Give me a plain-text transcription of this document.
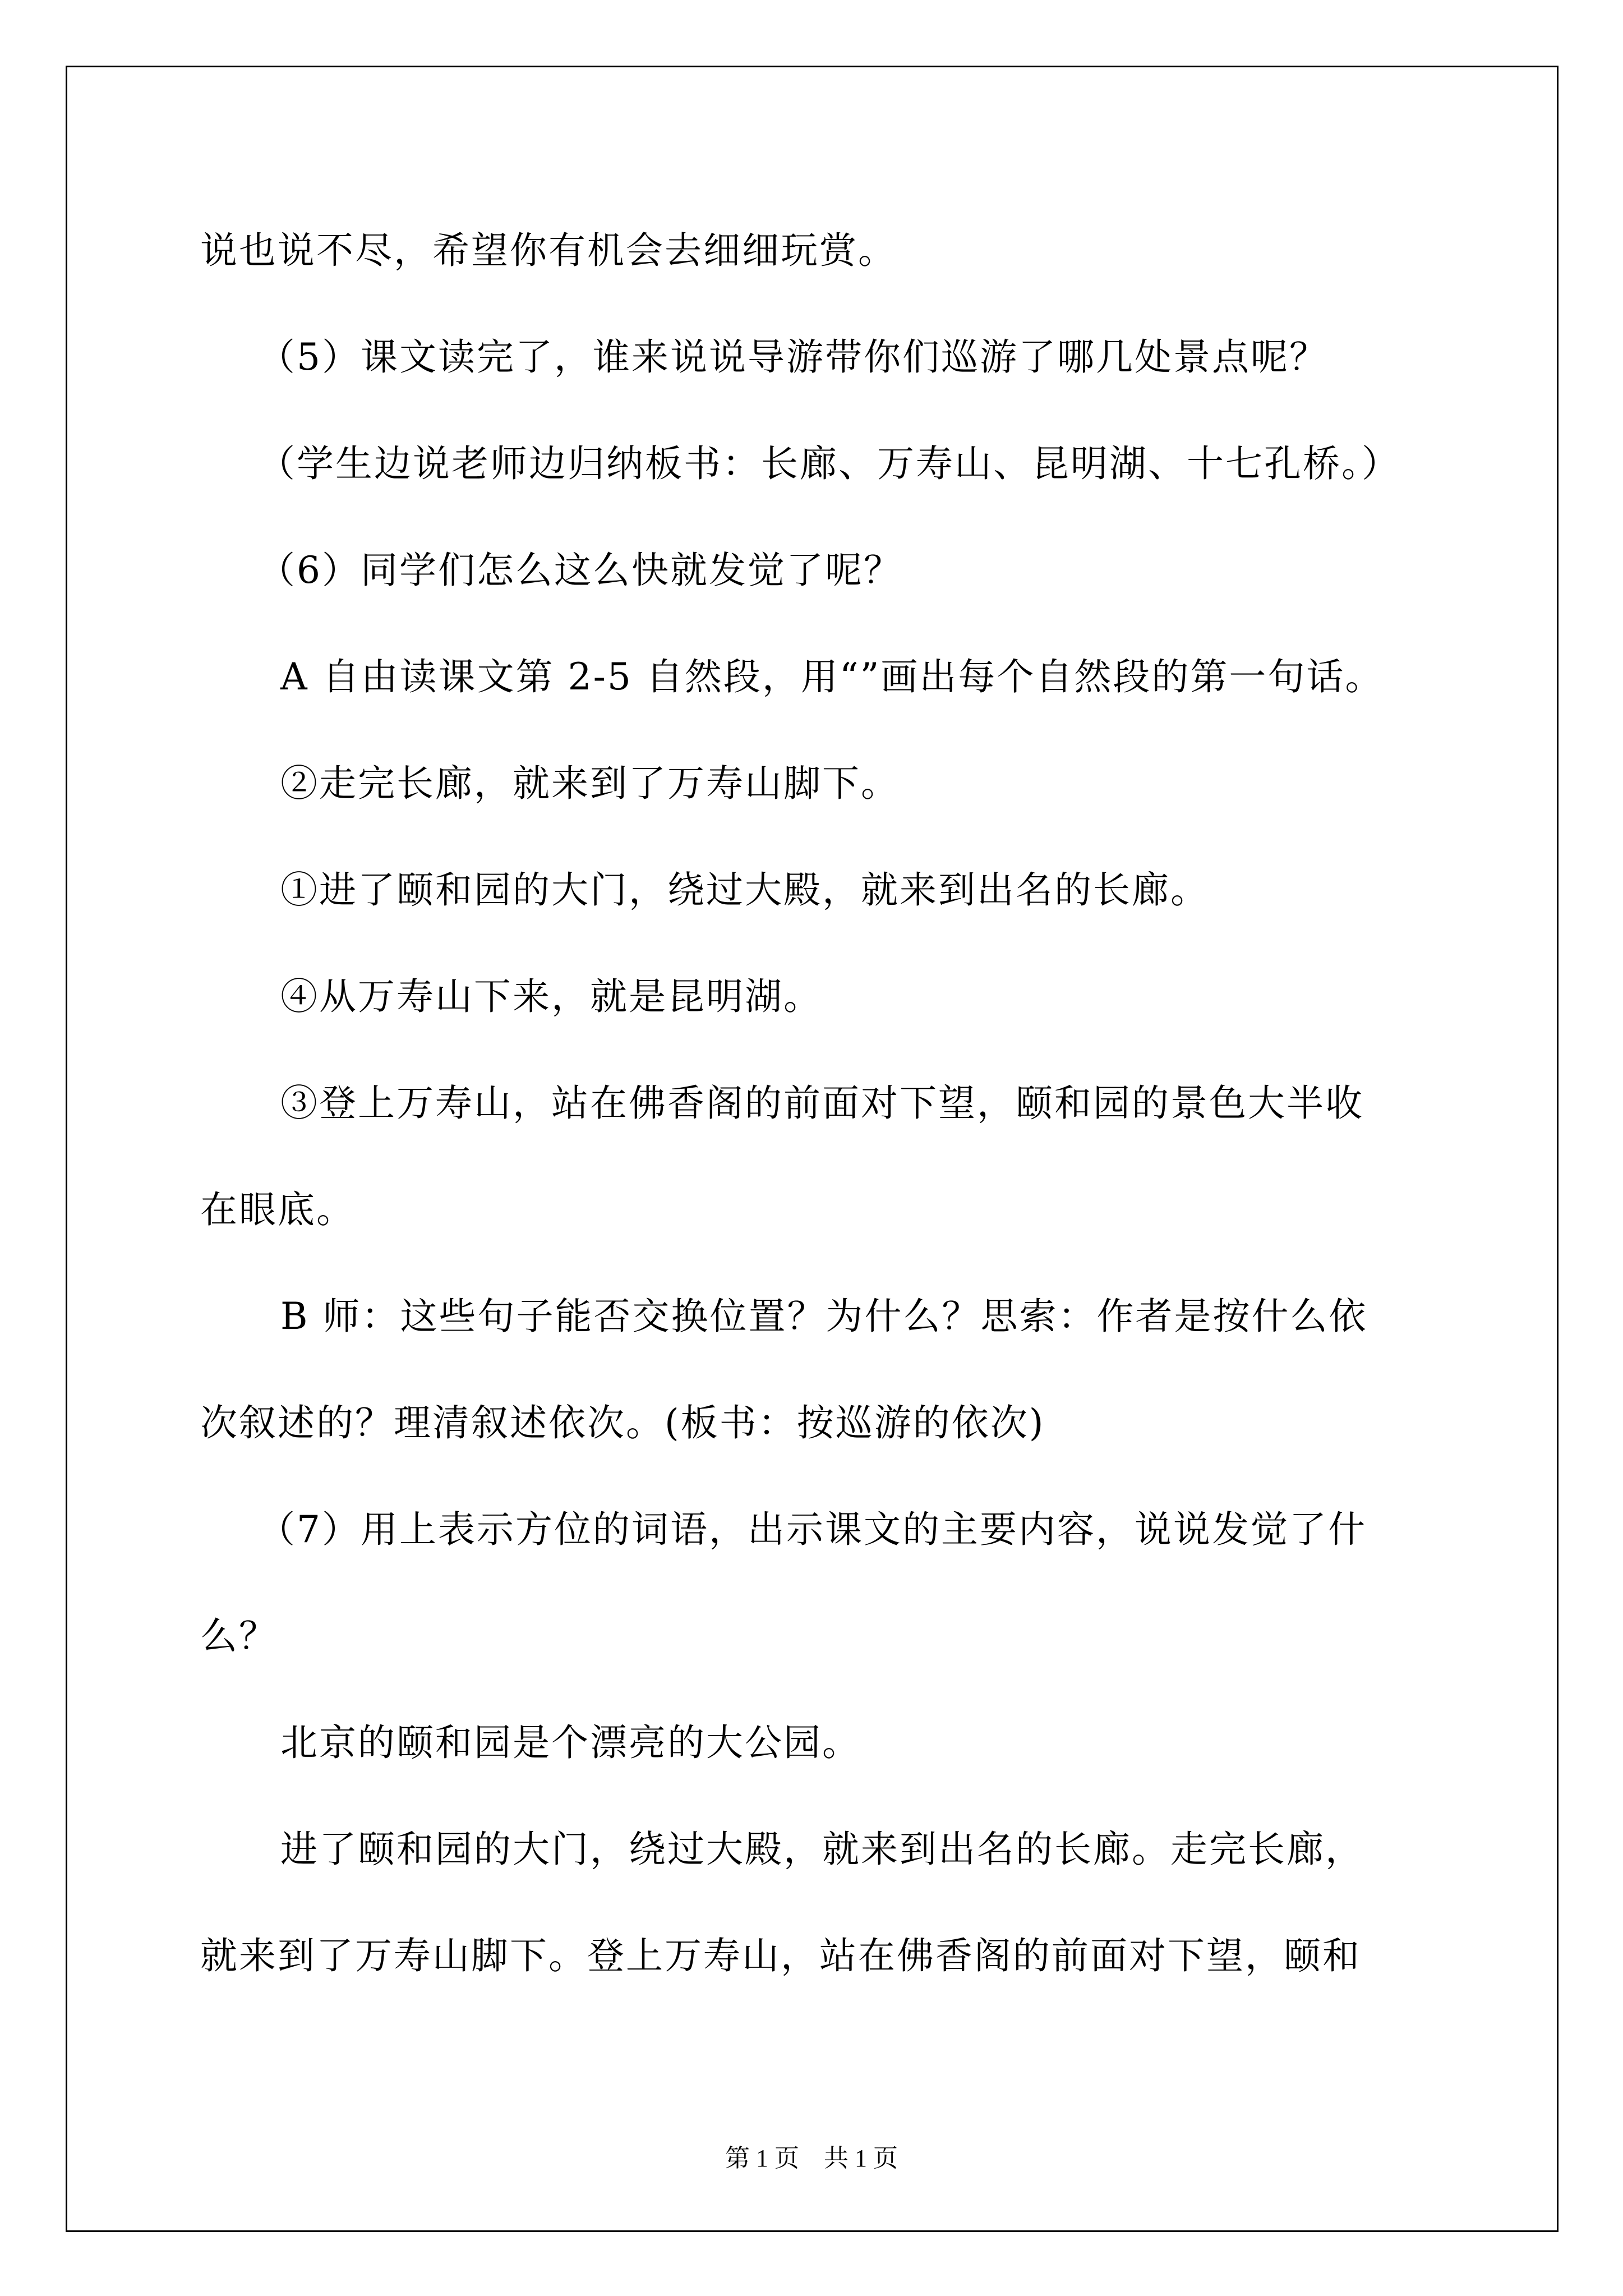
说也说不尽，希望你有机会去细细玩赏。
（5）课文读完了，谁来说说导游带你们巡游了哪几处景点呢？
（学生边说老师边归纳板书：长廊、万寿山、昆明湖、十七孔桥。）
（6）同学们怎么这么快就发觉了呢？
A 自由读课文第 2-5 自然段，用“”画出每个自然段的第一句话。
②走完长廊，就来到了万寿山脚下。
①进了颐和园的大门，绕过大殿，就来到出名的长廊。
④从万寿山下来，就是昆明湖。
③登上万寿山，站在佛香阁的前面对下望，颐和园的景色大半收
在眼底。
B 师：这些句子能否交换位置？为什么？思索：作者是按什么依
次叙述的？理清叙述依次。(板书：按巡游的依次)
（7）用上表示方位的词语，出示课文的主要内容，说说发觉了什
么？
北京的颐和园是个漂亮的大公园。
进了颐和园的大门，绕过大殿，就来到出名的长廊。走完长廊，
就来到了万寿山脚下。登上万寿山，站在佛香阁的前面对下望，颐和
第 1 页　共 1 页
